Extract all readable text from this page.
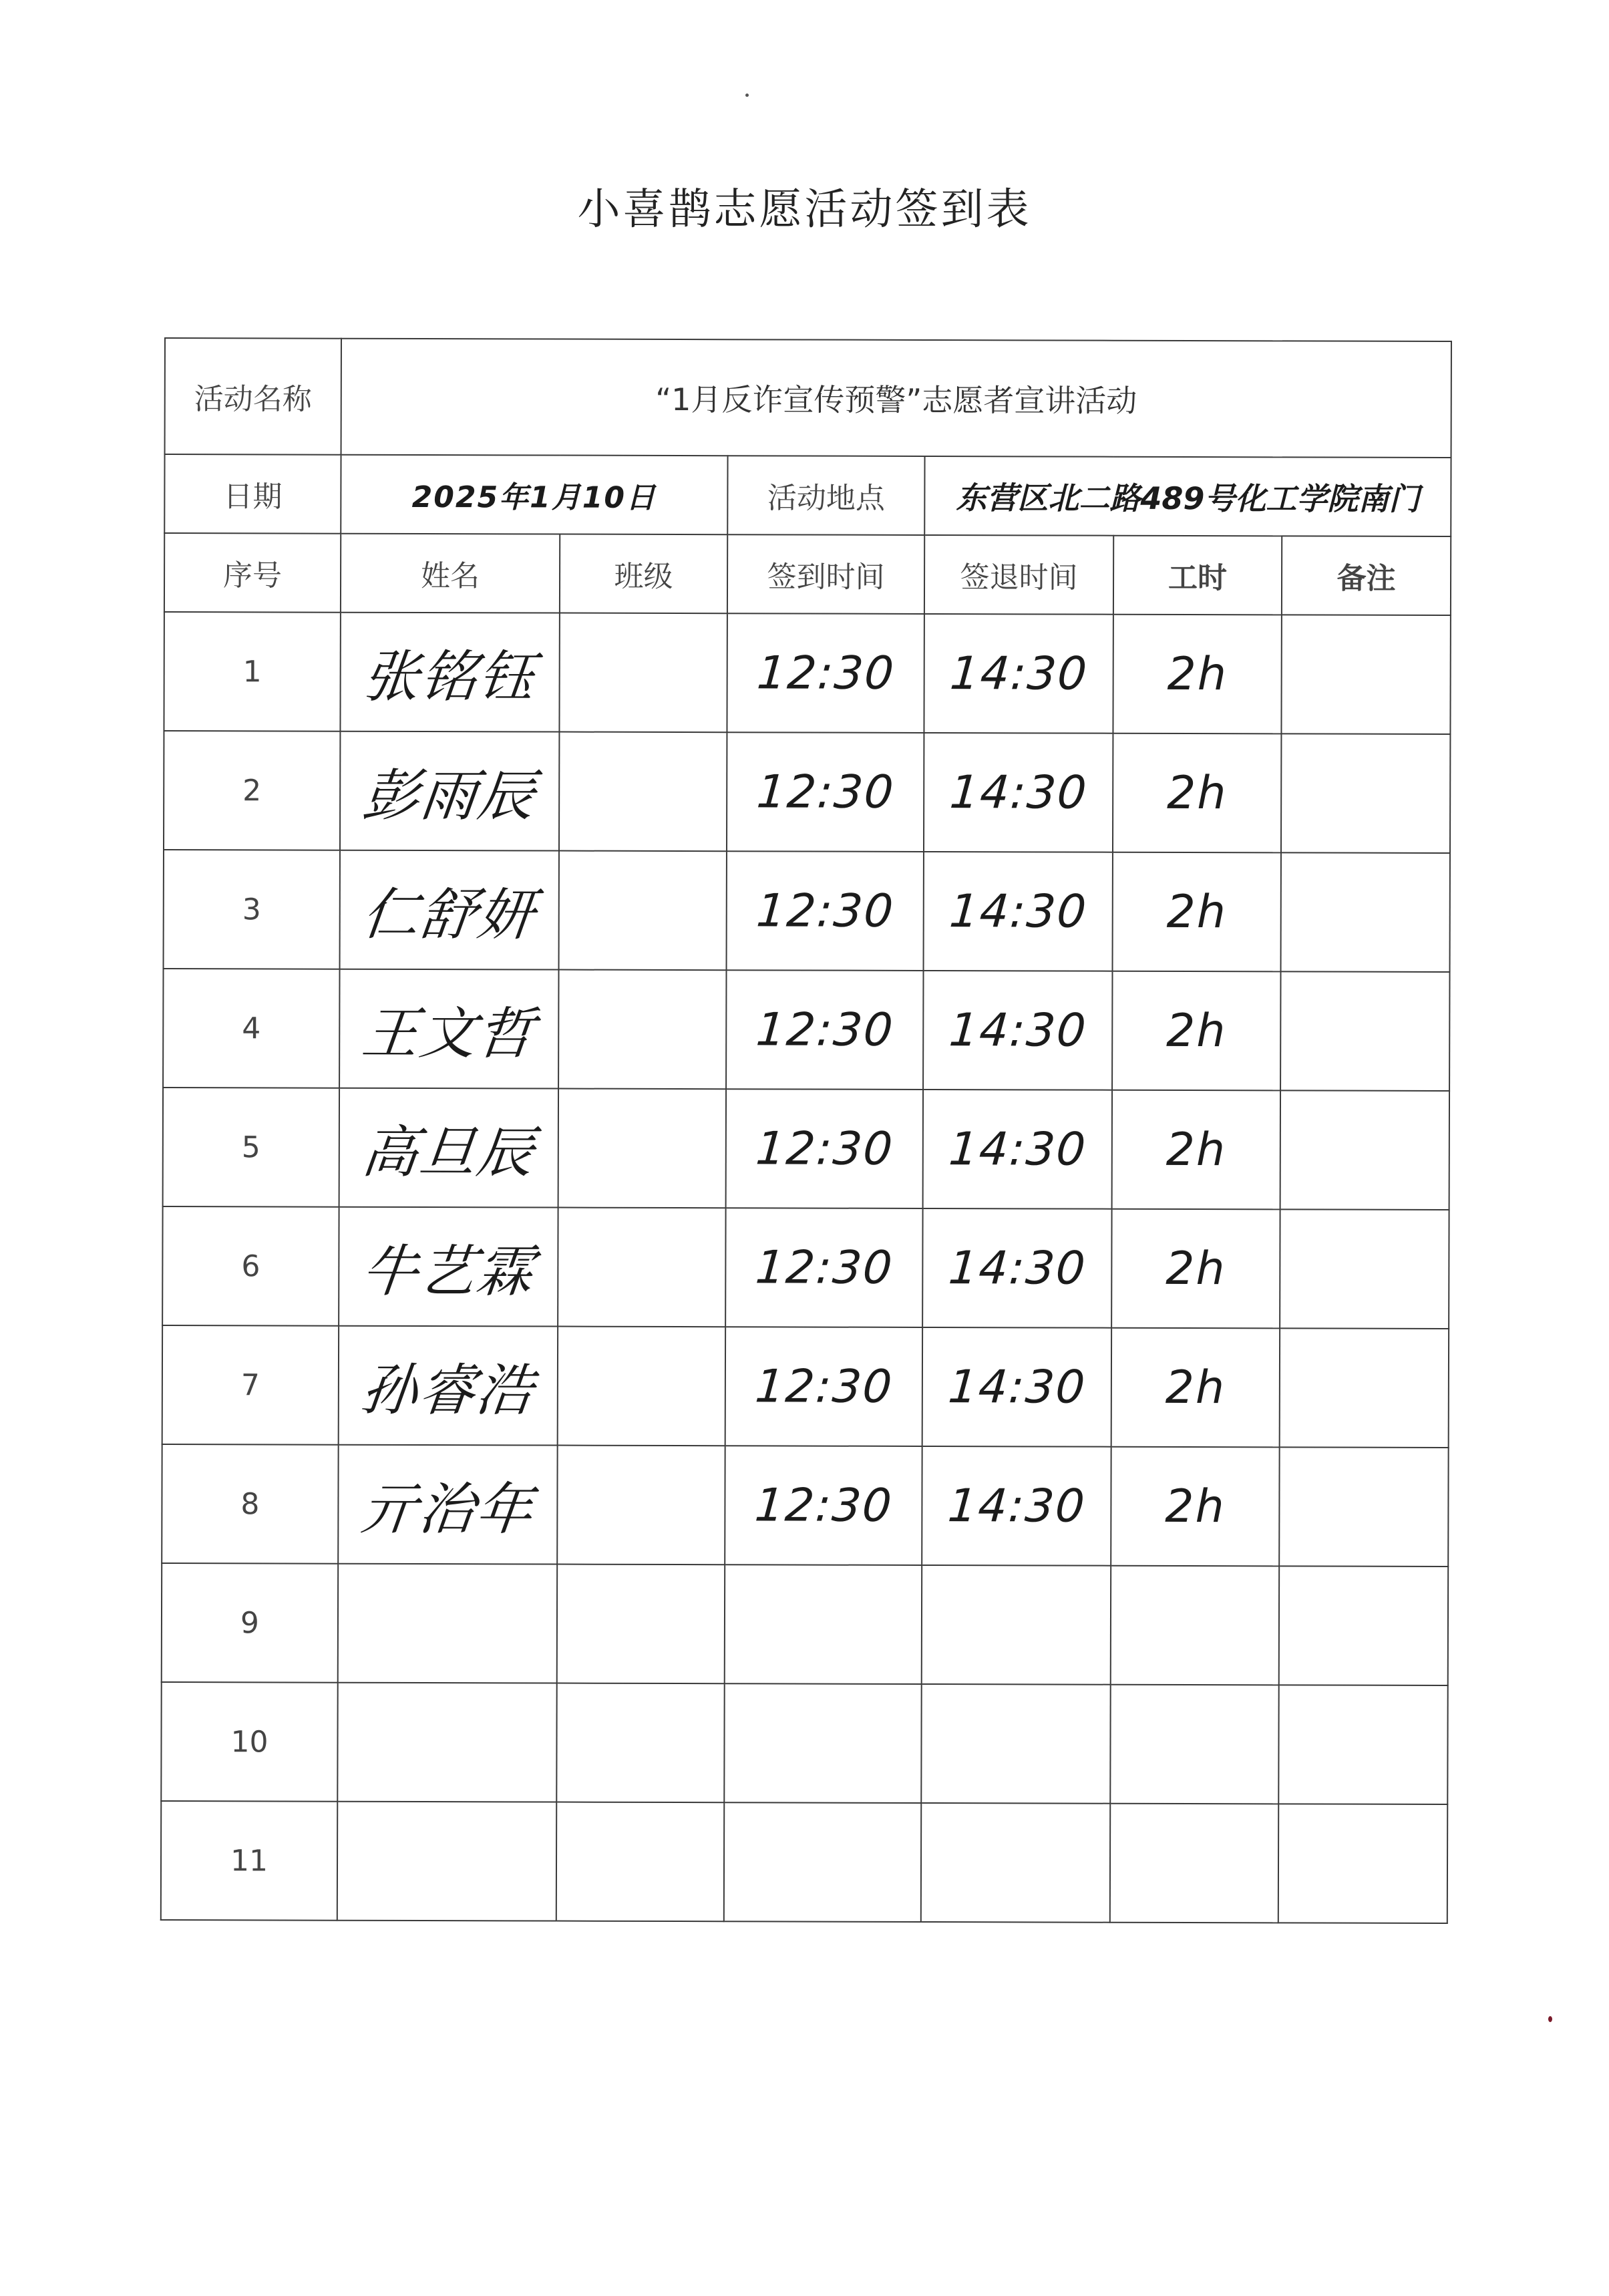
小喜鹊志愿活动签到表
活动名称	“1月反诈宣传预警”志愿者宣讲活动					
日期	2025年1月10日		活动地点	东营区北二路489号化工学院南门		
序号	姓名	班级	签到时间	签退时间	工时	备注
1	张铭钰		12:30	14:30	2h	
2	彭雨辰		12:30	14:30	2h	
3	仁舒妍		12:30	14:30	2h	
4	王文哲		12:30	14:30	2h	
5	高旦辰		12:30	14:30	2h	
6	牛艺霖		12:30	14:30	2h	
7	孙睿浩		12:30	14:30	2h	
8	亓治年		12:30	14:30	2h	
9						
10						
11						
